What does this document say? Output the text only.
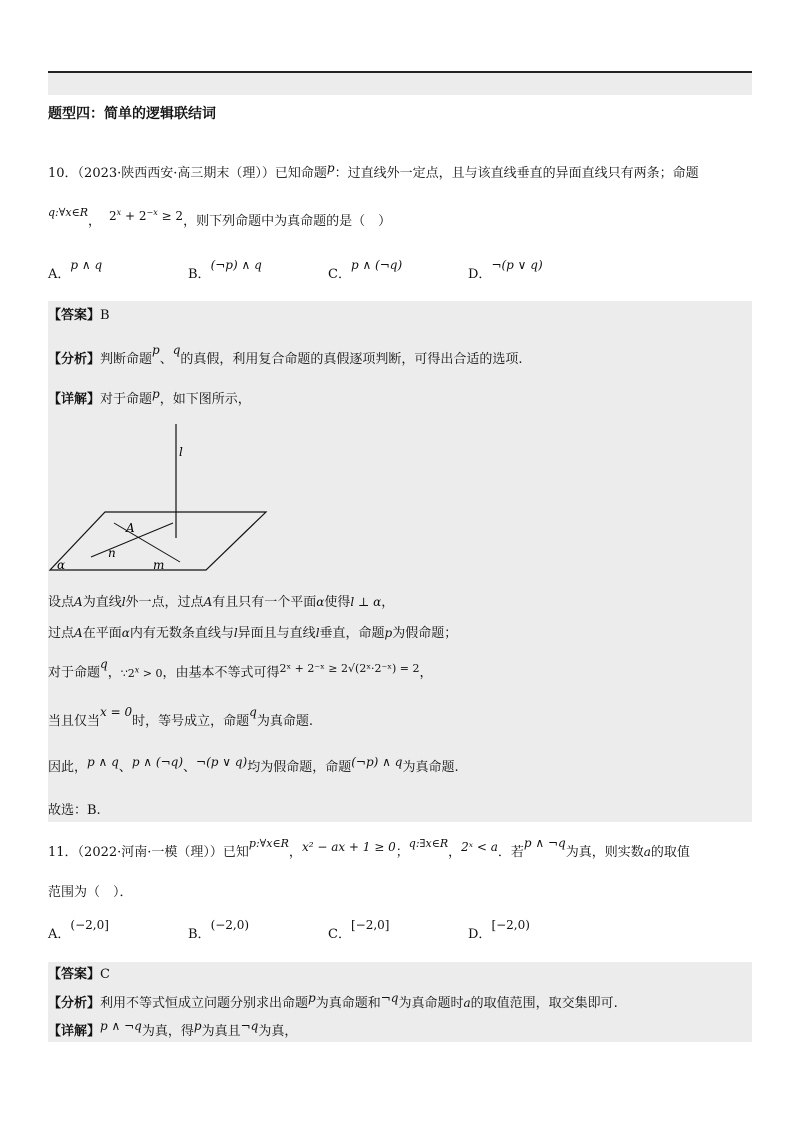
题型四：简单的逻辑联结词
10．（2023·陕西西安·高三期末（理））已知命题p：过直线外一定点，且与该直线垂直的异面直线只有两条；命题
$^{q:\forall x\in R}$， $2^x + 2^{-x} \ge 2$，则下列命题中为真命题的是（　）
A．p ∧ q
B．(¬p) ∧ q
C．p ∧ (¬q)
D．¬(p ∨ q)
【答案】B
【分析】判断命题p、q的真假，利用复合命题的真假逐项判断，可得出合适的选项.
【详解】对于命题p，如下图所示，
l
A
n
m
α
设点A为直线l外一点，过点A有且只有一个平面α使得l ⊥ α，
过点A在平面α内有无数条直线与l异面且与直线l垂直，命题p为假命题；
对于命题q，$\because 2^x > 0$，由基本不等式可得$^{2ˣ + 2^-ˣ \ge 2√(2ˣ\cdot 2^-ˣ) = 2}$，
当且仅当x = 0时，等号成立，命题q为真命题.
因此，p ∧ q、p ∧ (¬q)、¬(p ∨ q)均为假命题，命题(¬p) ∧ q为真命题.
故选：B.
11．（2022·河南·一模（理））已知$^{p:\forall x\in R}$，x² − ax + 1 ≥ 0；$^{q:\exists x\in R}$，2ˣ < a．若p ∧ ¬q为真，则实数a的取值
范围为（　）．
A．(−2,0]
B．(−2,0)
C．[−2,0]
D．[−2,0)
【答案】C
【分析】利用不等式恒成立问题分别求出命题p为真命题和¬q为真命题时a的取值范围，取交集即可.
【详解】p ∧ ¬q为真，得p为真且¬q为真，
